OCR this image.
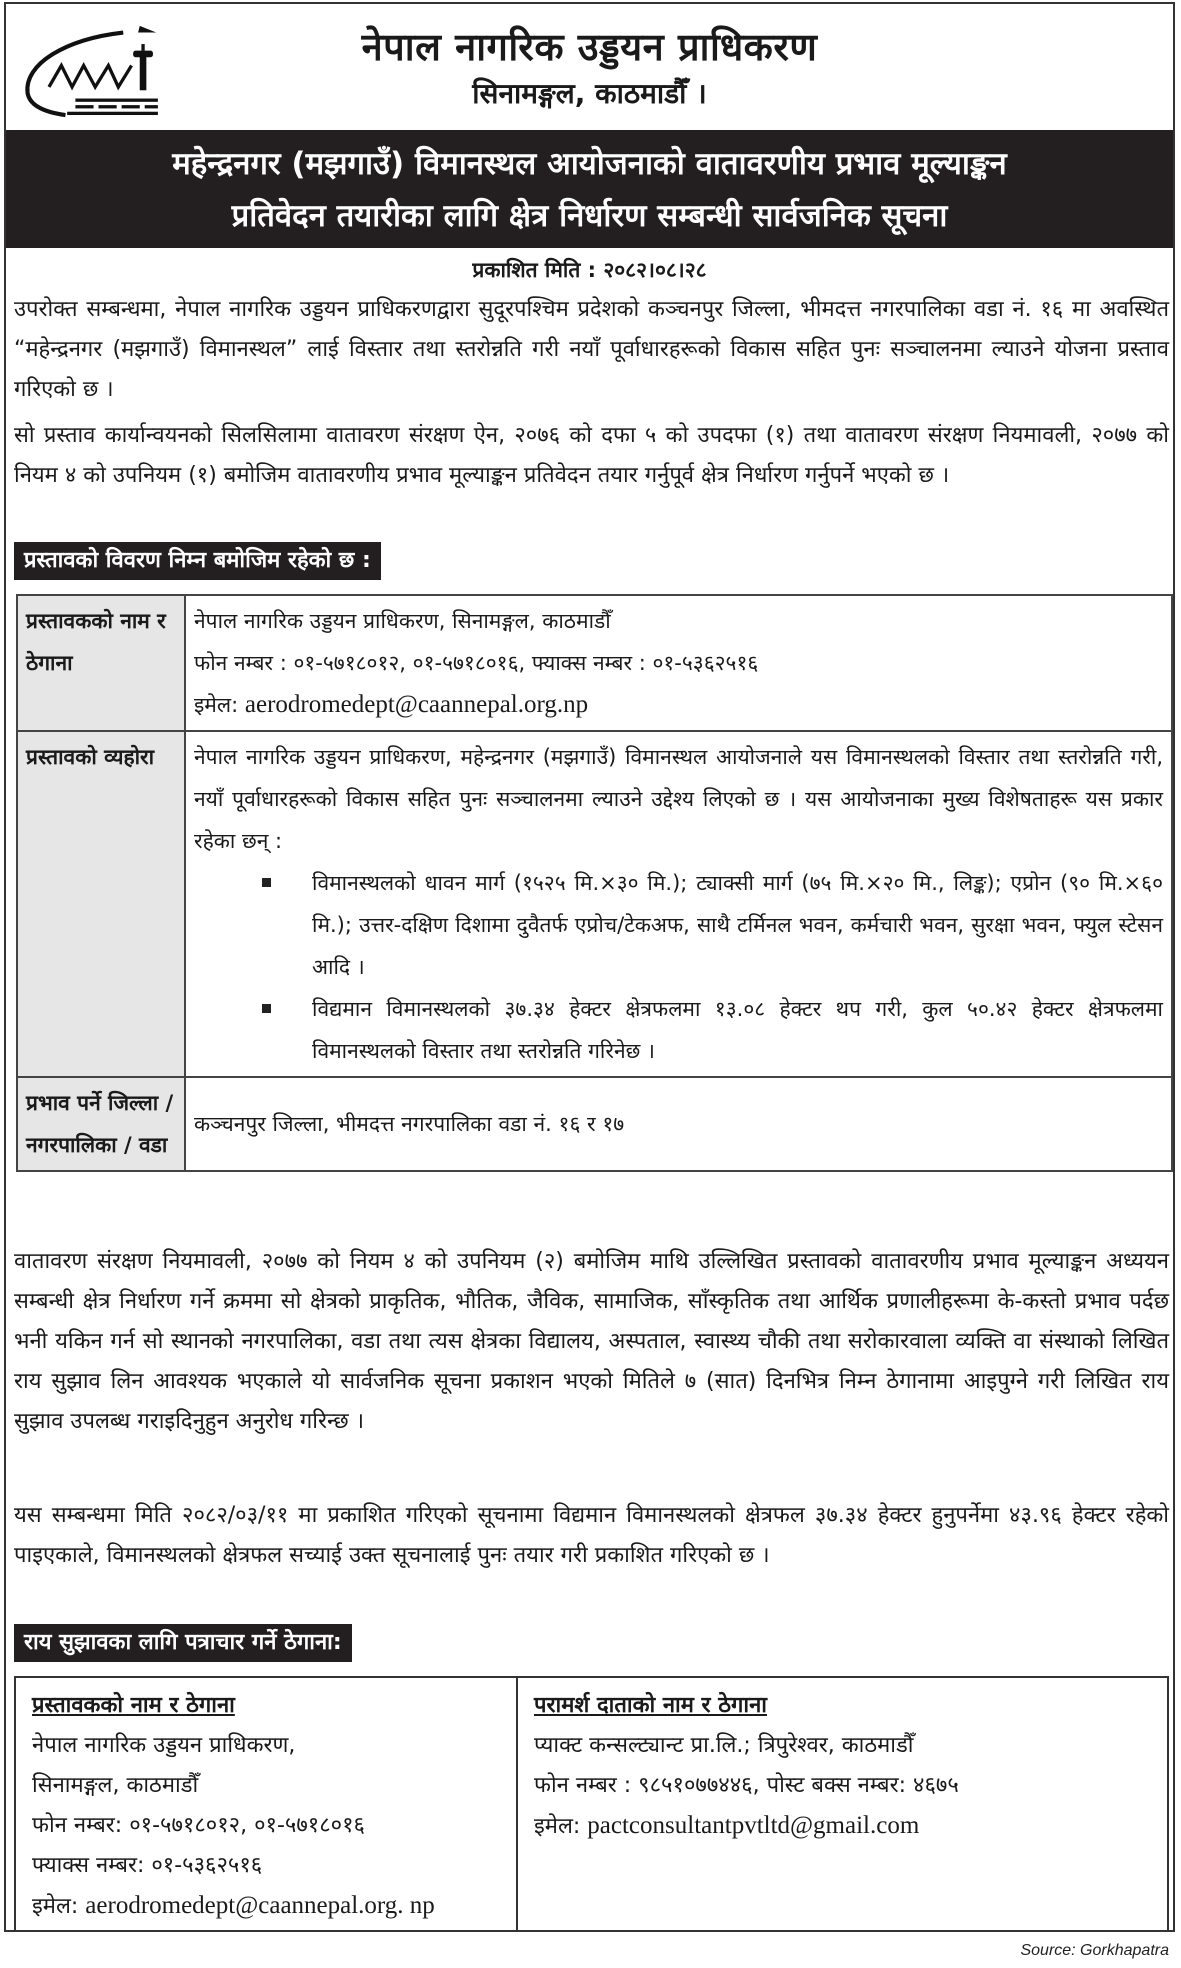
नेपाल नागरिक उड्डयन प्राधिकरण
सिनामङ्गल, काठमाडौँ ।
महेन्द्रनगर (मझगाउँ) विमानस्थल आयोजनाको वातावरणीय प्रभाव मूल्याङ्कन
प्रतिवेदन तयारीका लागि क्षेत्र निर्धारण सम्बन्धी सार्वजनिक सूचना
प्रकाशित मिति : २०८२।०८।२८
उपरोक्त सम्बन्धमा, नेपाल नागरिक उड्डयन प्राधिकरणद्वारा सुदूरपश्चिम प्रदेशको कञ्चनपुर जिल्ला, भीमदत्त नगरपालिका वडा नं. १६ मा अवस्थित “महेन्द्रनगर (मझगाउँ) विमानस्थल” लाई विस्तार तथा स्तरोन्नति गरी नयाँ पूर्वाधारहरूको विकास सहित पुनः सञ्चालनमा ल्याउने योजना प्रस्ताव गरिएको छ ।
सो प्रस्ताव कार्यान्वयनको सिलसिलामा वातावरण संरक्षण ऐन, २०७६ को दफा ५ को उपदफा (१) तथा वातावरण संरक्षण नियमावली, २०७७ को नियम ४ को उपनियम (१) बमोजिम वातावरणीय प्रभाव मूल्याङ्कन प्रतिवेदन तयार गर्नुपूर्व क्षेत्र निर्धारण गर्नुपर्ने भएको छ ।
प्रस्तावको विवरण निम्न बमोजिम रहेको छ :
प्रस्तावकको नाम र ठेगाना	नेपाल नागरिक उड्डयन प्राधिकरण, सिनामङ्गल, काठमाडौँ
फोन नम्बर : ०१-५७१८०१२, ०१-५७१८०१६, फ्याक्स नम्बर : ०१-५३६२५१६
इमेल: aerodromedept@caannepal.org.np

प्रस्तावको व्यहोरा	नेपाल नागरिक उड्डयन प्राधिकरण, महेन्द्रनगर (मझगाउँ) विमानस्थल आयोजनाले यस विमानस्थलको विस्तार तथा स्तरोन्नति गरी, नयाँ पूर्वाधारहरूको विकास सहित पुनः सञ्चालनमा ल्याउने उद्देश्य लिएको छ । यस आयोजनाका मुख्य विशेषताहरू यस प्रकार रहेका छन् :
विमानस्थलको धावन मार्ग (१५२५ मि.×३० मि.); ट्याक्सी मार्ग (७५ मि.×२० मि., लिङ्क); एप्रोन (९० मि.×६० मि.); उत्तर-दक्षिण दिशामा दुवैतर्फ एप्रोच/टेकअफ, साथै टर्मिनल भवन, कर्मचारी भवन, सुरक्षा भवन, फ्युल स्टेसन आदि ।
विद्यमान विमानस्थलको ३७.३४ हेक्टर क्षेत्रफलमा १३.०८ हेक्टर थप गरी, कुल ५०.४२ हेक्टर क्षेत्रफलमा विमानस्थलको विस्तार तथा स्तरोन्नति गरिनेछ ।

प्रभाव पर्ने जिल्ला / नगरपालिका / वडा	कञ्चनपुर जिल्ला, भीमदत्त नगरपालिका वडा नं. १६ र १७
वातावरण संरक्षण नियमावली, २०७७ को नियम ४ को उपनियम (२) बमोजिम माथि उल्लिखित प्रस्तावको वातावरणीय प्रभाव मूल्याङ्कन अध्ययन सम्बन्धी क्षेत्र निर्धारण गर्ने क्रममा सो क्षेत्रको प्राकृतिक, भौतिक, जैविक, सामाजिक, साँस्कृतिक तथा आर्थिक प्रणालीहरूमा के-कस्तो प्रभाव पर्दछ भनी यकिन गर्न सो स्थानको नगरपालिका, वडा तथा त्यस क्षेत्रका विद्यालय, अस्पताल, स्वास्थ्य चौकी तथा सरोकारवाला व्यक्ति वा संस्थाको लिखित राय सुझाव लिन आवश्यक भएकाले यो सार्वजनिक सूचना प्रकाशन भएको मितिले ७ (सात) दिनभित्र निम्न ठेगानामा आइपुग्ने गरी लिखित राय सुझाव उपलब्ध गराइदिनुहुन अनुरोध गरिन्छ ।
यस सम्बन्धमा मिति २०८२/०३/११ मा प्रकाशित गरिएको सूचनामा विद्यमान विमानस्थलको क्षेत्रफल ३७.३४ हेक्टर हुनुपर्नेमा ४३.९६ हेक्टर रहेको पाइएकाले, विमानस्थलको क्षेत्रफल सच्याई उक्त सूचनालाई पुनः तयार गरी प्रकाशित गरिएको छ ।
राय सुझावका लागि पत्राचार गर्ने ठेगाना:
प्रस्तावकको नाम र ठेगाना
नेपाल नागरिक उड्डयन प्राधिकरण,
सिनामङ्गल, काठमाडौँ
फोन नम्बर: ०१-५७१८०१२, ०१-५७१८०१६
फ्याक्स नम्बर: ०१-५३६२५१६
इमेल: aerodromedept@caannepal.org. np
परामर्श दाताको नाम र ठेगाना
प्याक्ट कन्सल्ट्यान्ट प्रा.लि.; त्रिपुरेश्वर, काठमाडौँ
फोन नम्बर : ९८५१०७७४४६, पोस्ट बक्स नम्बर: ४६७५
इमेल: pactconsultantpvtltd@gmail.com
Source: Gorkhapatra
